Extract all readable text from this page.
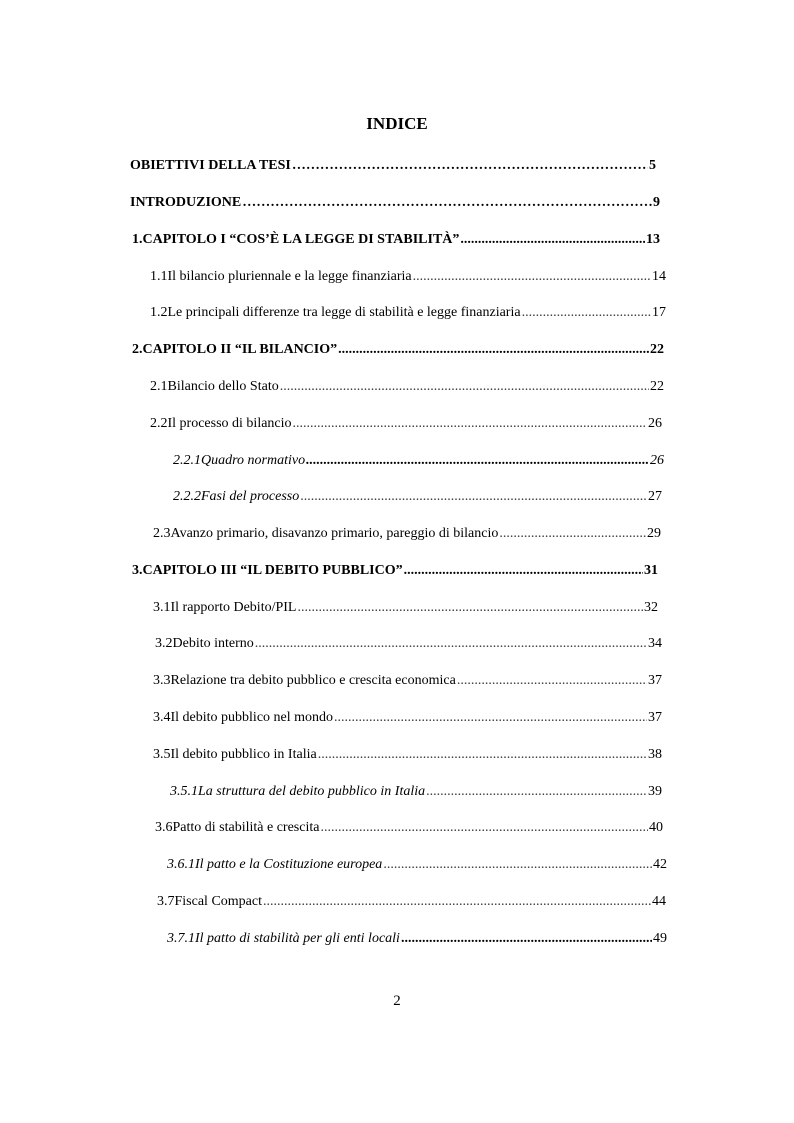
INDICE
OBIETTIVI DELLA TESI …………………………………………………………………………………………………………………………………………………………………	5
INTRODUZIONE …………………………………………………………………………………………………………………………………………………………………	9
1. CAPITOLO I “COS’È LA LEGGE DI STABILITÀ” .....	13
1.1 Il bilancio pluriennale e la legge finanziaria .....	14
1.2 Le principali differenze tra legge di stabilità e legge finanziaria .....	17
2. CAPITOLO II “IL BILANCIO” .....	22
2.1 Bilancio dello Stato .....	22
2.2 Il processo di bilancio .....	26
2.2.1 Quadro normativo .....	26
2.2.2 Fasi del processo .....	27
2.3 Avanzo primario, disavanzo primario, pareggio di bilancio .....	29
3. CAPITOLO III “IL DEBITO PUBBLICO” .....	31
3.1 Il rapporto Debito/PIL .....	32
3.2 Debito interno .....	34
3.3 Relazione tra debito pubblico e crescita economica .....	37
3.4 Il debito pubblico nel mondo .....	37
3.5 Il debito pubblico in Italia .....	38
3.5.1 La struttura del debito pubblico in Italia .....	39
3.6 Patto di stabilità e crescita .....	40
3.6.1 Il patto e la Costituzione europea .....	42
3.7 Fiscal Compact .....	44
3.7.1 Il patto di stabilità per gli enti locali .....	49
2
